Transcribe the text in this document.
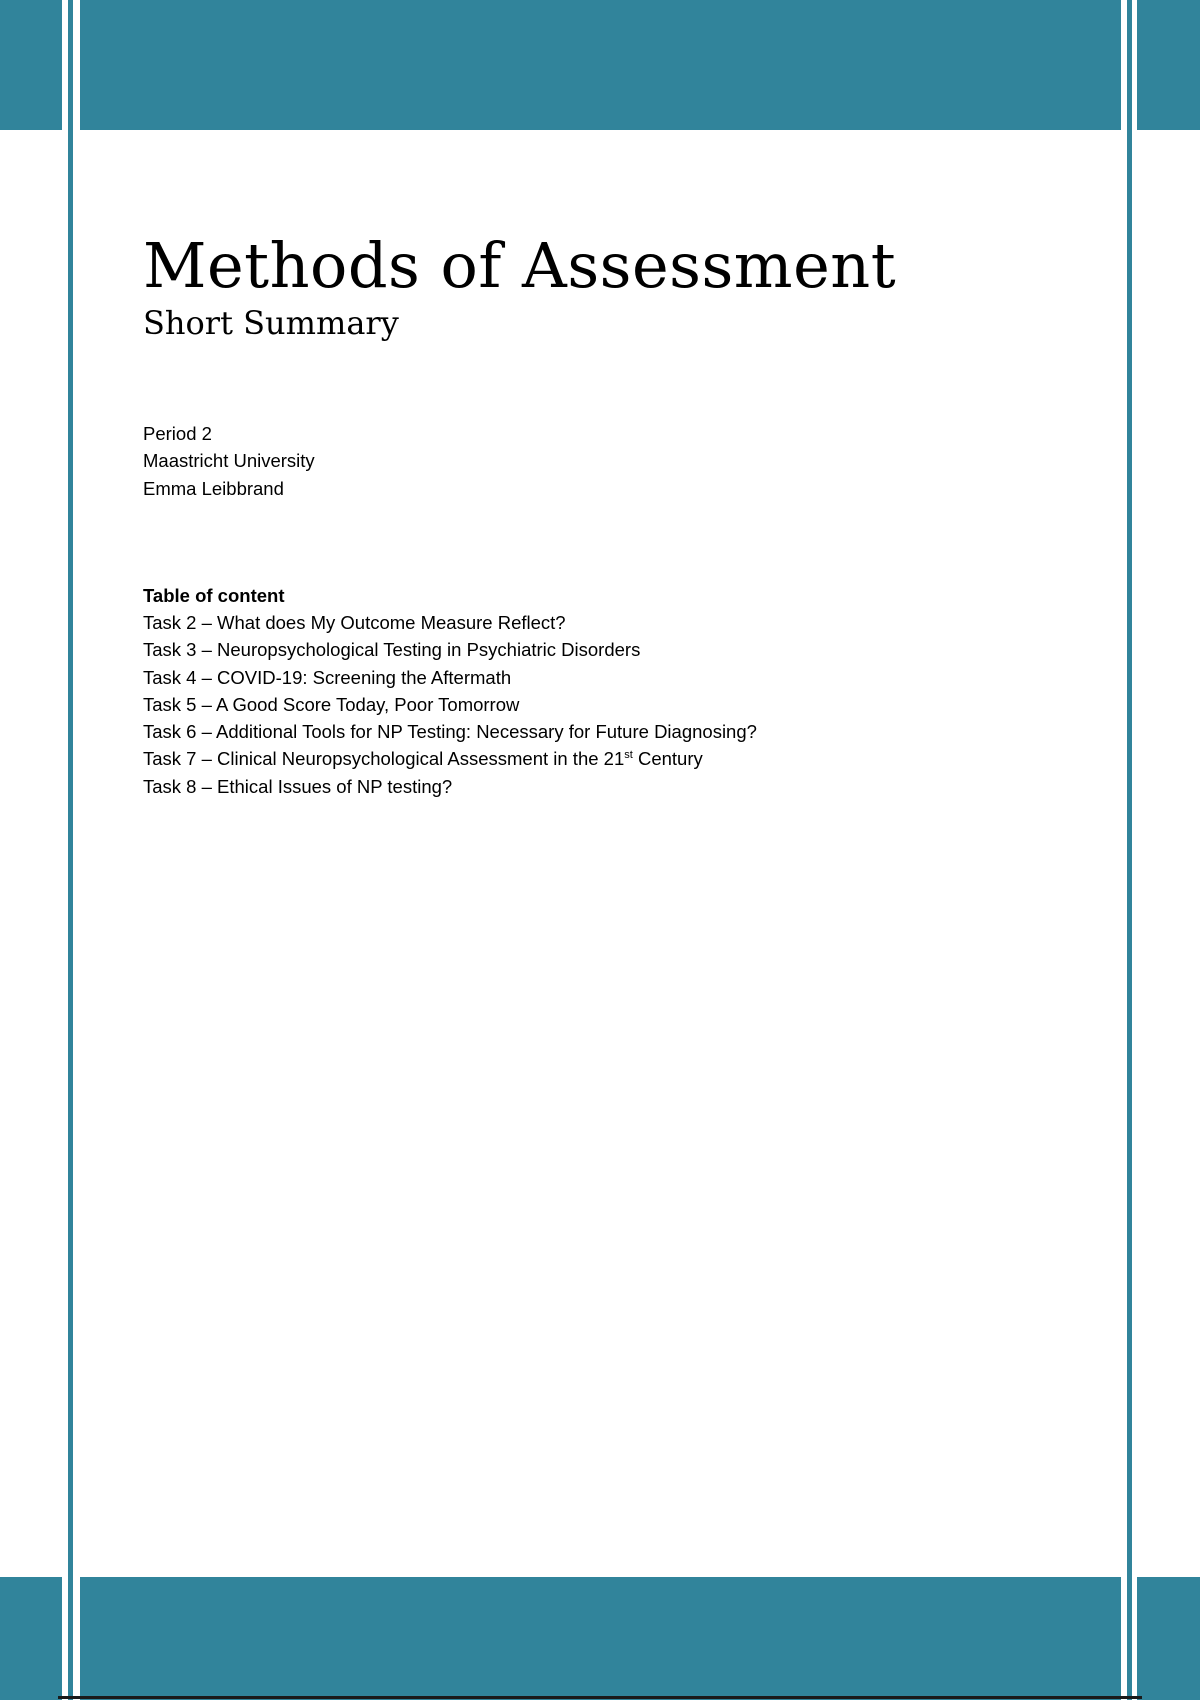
Methods of Assessment
Short Summary
Period 2
Maastricht University
Emma Leibbrand
Table of content
Task 2 – What does My Outcome Measure Reflect?
Task 3 – Neuropsychological Testing in Psychiatric Disorders
Task 4 – COVID-19: Screening the Aftermath
Task 5 – A Good Score Today, Poor Tomorrow
Task 6 – Additional Tools for NP Testing: Necessary for Future Diagnosing?
Task 7 – Clinical Neuropsychological Assessment in the 21st Century
Task 8 – Ethical Issues of NP testing?
